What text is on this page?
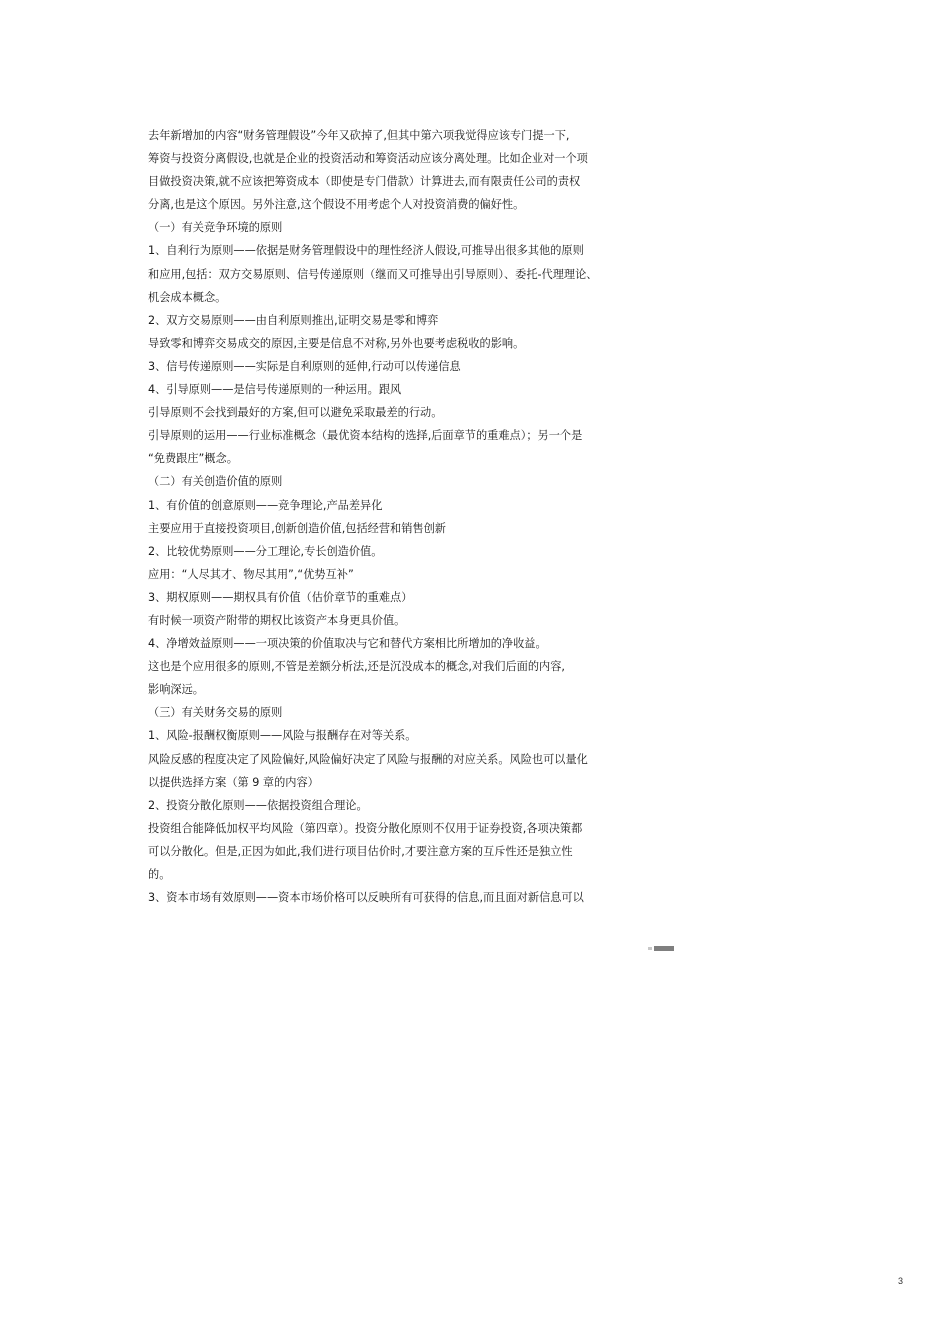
去年新增加的内容“财务管理假设”今年又砍掉了,但其中第六项我觉得应该专门提一下,
筹资与投资分离假设,也就是企业的投资活动和筹资活动应该分离处理。比如企业对一个项
目做投资决策,就不应该把筹资成本（即使是专门借款）计算进去,而有限责任公司的责权
分离,也是这个原因。另外注意,这个假设不用考虑个人对投资消费的偏好性。
（一）有关竞争环境的原则
1、自利行为原则——依据是财务管理假设中的理性经济人假设,可推导出很多其他的原则
和应用,包括：双方交易原则、信号传递原则（继而又可推导出引导原则）、委托-代理理论、
机会成本概念。
2、双方交易原则——由自利原则推出,证明交易是零和博弈
导致零和博弈交易成交的原因,主要是信息不对称,另外也要考虑税收的影响。
3、信号传递原则——实际是自利原则的延伸,行动可以传递信息
4、引导原则——是信号传递原则的一种运用。跟风
引导原则不会找到最好的方案,但可以避免采取最差的行动。
引导原则的运用——行业标准概念（最优资本结构的选择,后面章节的重难点）；另一个是
“免费跟庄”概念。
（二）有关创造价值的原则
1、有价值的创意原则——竞争理论,产品差异化
主要应用于直接投资项目,创新创造价值,包括经营和销售创新
2、比较优势原则——分工理论,专长创造价值。
应用：“人尽其才、物尽其用”,“优势互补”
3、期权原则——期权具有价值（估价章节的重难点）
有时候一项资产附带的期权比该资产本身更具价值。
4、净增效益原则——一项决策的价值取决与它和替代方案相比所增加的净收益。
这也是个应用很多的原则,不管是差额分析法,还是沉没成本的概念,对我们后面的内容,
影响深远。
（三）有关财务交易的原则
1、风险-报酬权衡原则——风险与报酬存在对等关系。
风险反感的程度决定了风险偏好,风险偏好决定了风险与报酬的对应关系。风险也可以量化
以提供选择方案（第 9 章的内容）
2、投资分散化原则——依据投资组合理论。
投资组合能降低加权平均风险（第四章）。投资分散化原则不仅用于证券投资,各项决策都
可以分散化。但是,正因为如此,我们进行项目估价时,才要注意方案的互斥性还是独立性
的。
3、资本市场有效原则——资本市场价格可以反映所有可获得的信息,而且面对新信息可以
3
